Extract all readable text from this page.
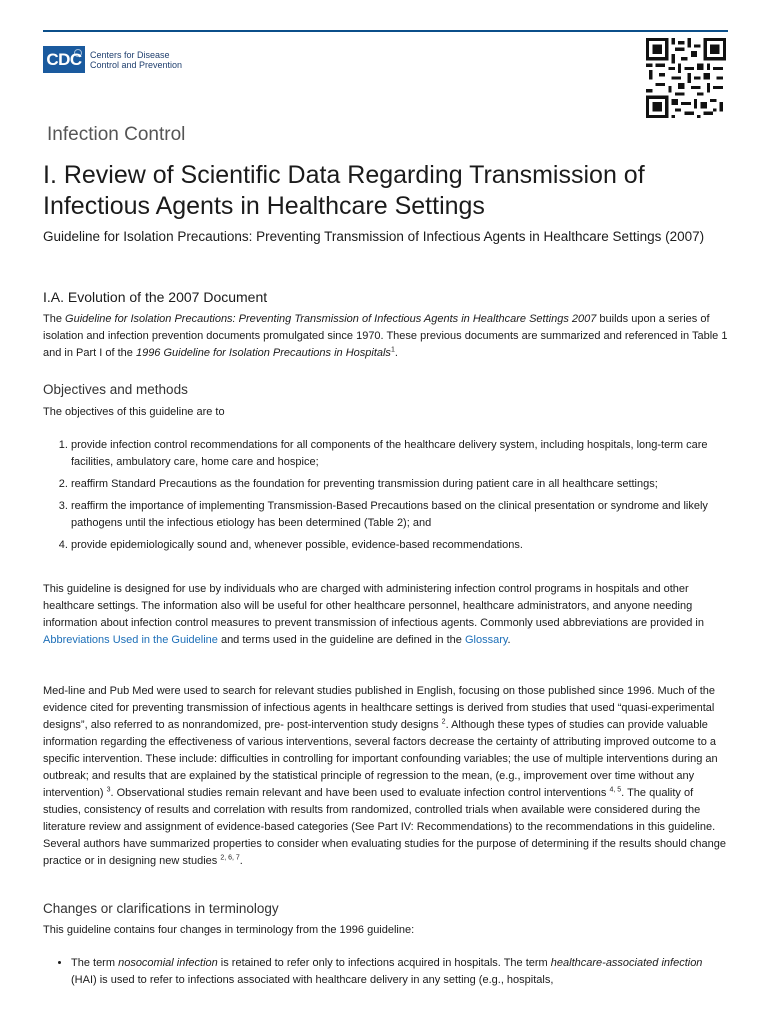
CDC Centers for Disease
Control and Prevention
Infection Control
I. Review of Scientific Data Regarding Transmission of Infectious Agents in Healthcare Settings

Guideline for Isolation Precautions: Preventing Transmission of Infectious Agents in Healthcare Settings (2007)

I.A. Evolution of the 2007 Document

The Guideline for Isolation Precautions: Preventing Transmission of Infectious Agents in Healthcare Settings 2007 builds upon a series of isolation and infection prevention documents promulgated since 1970. These previous documents are summarized and referenced in Table 1 and in Part I of the 1996 Guideline for Isolation Precautions in Hospitals$^1$.

Objectives and methods

The objectives of this guideline are to

1. provide infection control recommendations for all components of the healthcare delivery system, including hospitals, long-term care facilities, ambulatory care, home care and hospice;
2. reaffirm Standard Precautions as the foundation for preventing transmission during patient care in all healthcare settings;
3. reaffirm the importance of implementing Transmission-Based Precautions based on the clinical presentation or syndrome and likely pathogens until the infectious etiology has been determined (Table 2); and
4. provide epidemiologically sound and, whenever possible, evidence-based recommendations.

This guideline is designed for use by individuals who are charged with administering infection control programs in hospitals and other healthcare settings. The information also will be useful for other healthcare personnel, healthcare administrators, and anyone needing information about infection control measures to prevent transmission of infectious agents. Commonly used abbreviations are provided in Abbreviations Used in the Guideline and terms used in the guideline are defined in the Glossary.

Med-line and Pub Med were used to search for relevant studies published in English, focusing on those published since 1996. Much of the evidence cited for preventing transmission of infectious agents in healthcare settings is derived from studies that used “quasi-experimental designs”, also referred to as nonrandomized, pre- post-intervention study designs $^2$. Although these types of studies can provide valuable information regarding the effectiveness of various interventions, several factors decrease the certainty of attributing improved outcome to a specific intervention. These include: difficulties in controlling for important confounding variables; the use of multiple interventions during an outbreak; and results that are explained by the statistical principle of regression to the mean, (e.g., improvement over time without any intervention) $^3$. Observational studies remain relevant and have been used to evaluate infection control interventions $^{4, 5}$. The quality of studies, consistency of results and correlation with results from randomized, controlled trials when available were considered during the literature review and assignment of evidence-based categories (See Part IV: Recommendations) to the recommendations in this guideline. Several authors have summarized properties to consider when evaluating studies for the purpose of determining if the results should change practice or in designing new studies $^{2, 6, 7}$.

Changes or clarifications in terminology

This guideline contains four changes in terminology from the 1996 guideline:

• The term nosocomial infection is retained to refer only to infections acquired in hospitals. The term healthcare-associated infection (HAI) is used to refer to infections associated with healthcare delivery in any setting (e.g., hospitals,
